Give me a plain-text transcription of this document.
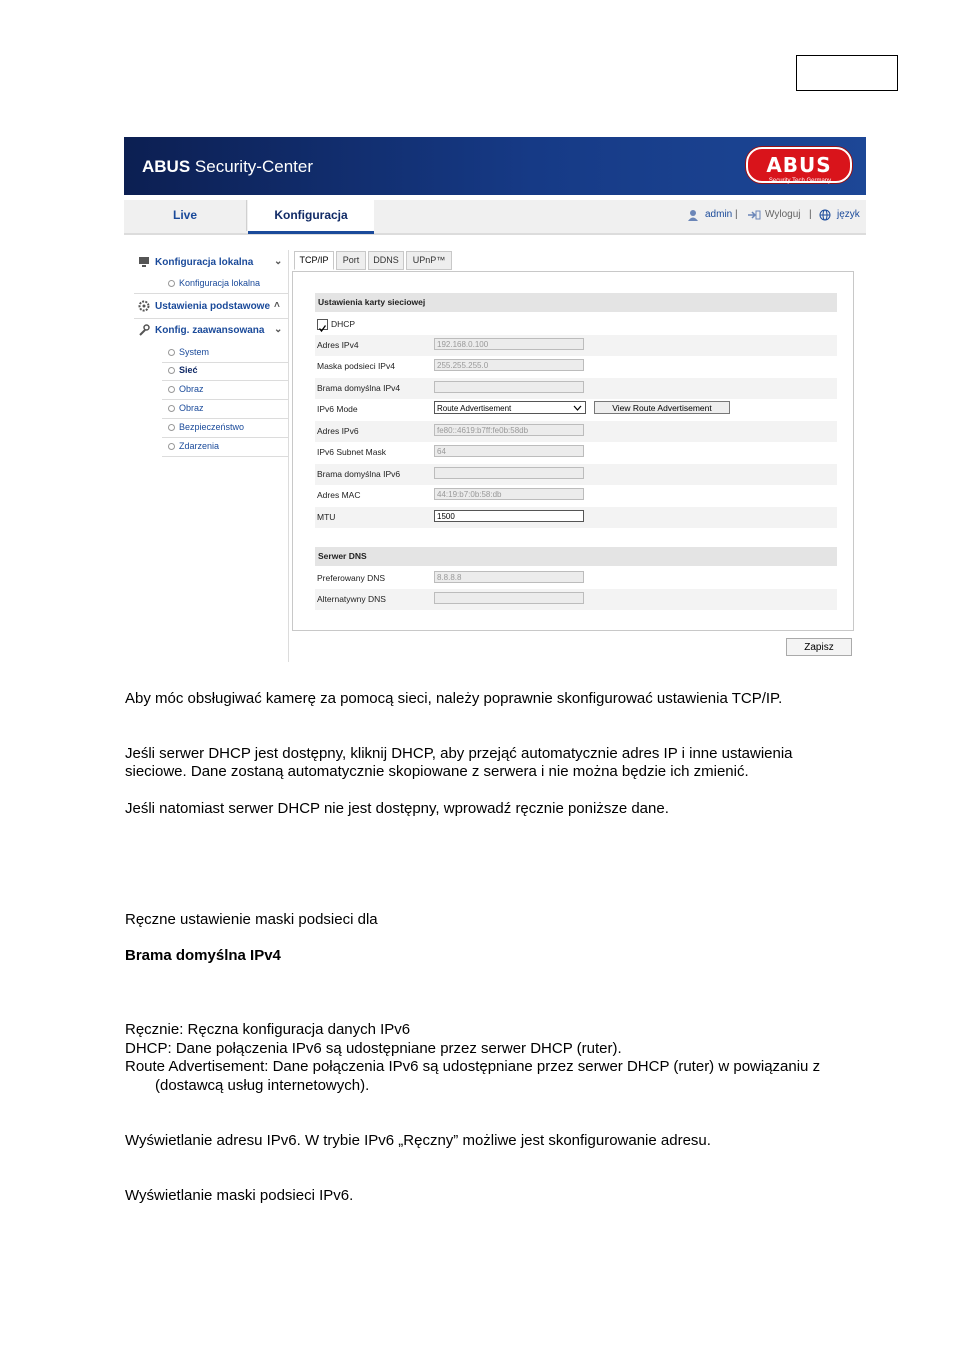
ABUS Security-Center	ABUS
Security Tech Germany
Live	Konfiguracja	admin |	Wyloguj |	język
Konfiguracja lokalna ⌄
Konfiguracja lokalna
Ustawienia podstawowe ˄
Konfig. zaawansowana ⌄
System
Sieć
Obraz
Obraz
Bezpieczeństwo
Zdarzenia
TCP/IP	Port	DDNS	UPnP™
Ustawienia karty sieciowej
DHCP
Adres IPv4	192.168.0.100
Maska podsieci IPv4	255.255.255.0
Brama domyślna IPv4
IPv6 Mode	Route Advertisement	View Route Advertisement
Adres IPv6	fe80::4619:b7ff:fe0b:58db
IPv6 Subnet Mask	64
Brama domyślna IPv6
Adres MAC	44:19:b7:0b:58:db
MTU	1500
Serwer DNS
Preferowany DNS	8.8.8.8
Alternatywny DNS
Zapisz
Aby móc obsługiwać kamerę za pomocą sieci, należy poprawnie skonfigurować ustawienia TCP/IP.
Jeśli serwer DHCP jest dostępny, kliknij DHCP, aby przejąć automatycznie adres IP i inne ustawienia
sieciowe. Dane zostaną automatycznie skopiowane z serwera i nie można będzie ich zmienić.
Jeśli natomiast serwer DHCP nie jest dostępny, wprowadź ręcznie poniższe dane.
Ręczne ustawienie maski podsieci dla
Brama domyślna IPv4
Ręcznie: Ręczna konfiguracja danych IPv6
DHCP: Dane połączenia IPv6 są udostępniane przez serwer DHCP (ruter).
Route Advertisement: Dane połączenia IPv6 są udostępniane przez serwer DHCP (ruter) w powiązaniu z
(dostawcą usług internetowych).
Wyświetlanie adresu IPv6. W trybie IPv6 „Ręczny” możliwe jest skonfigurowanie adresu.
Wyświetlanie maski podsieci IPv6.
